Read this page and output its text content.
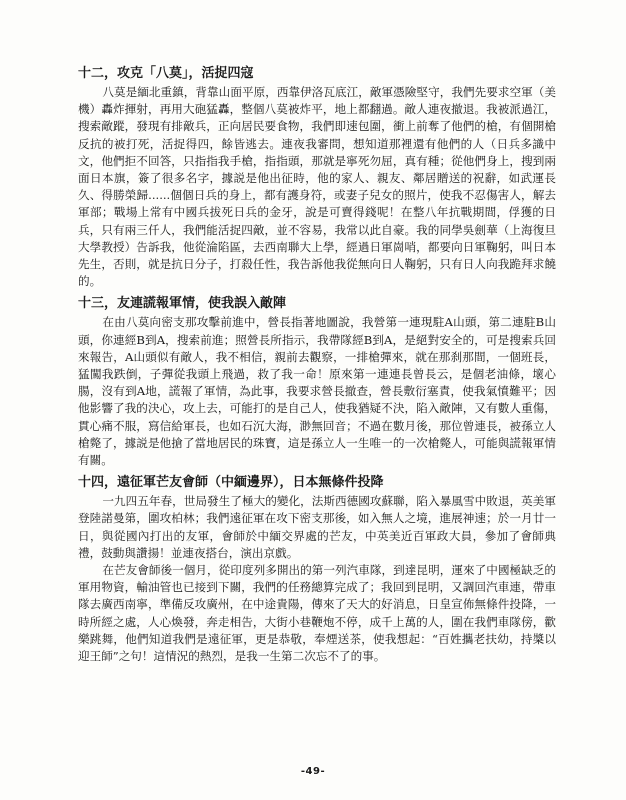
十二，攻克「八莫」，活捉四寇

八莫是緬北重鎮，背靠山面平原，西靠伊洛瓦底江，敵軍憑險堅守，我們先要求空軍（美機）轟炸揮射，再用大砲猛轟，整個八莫被炸平，地上都翻過。敵人連夜撤退。我被派過江，搜索敵蹤，發現有排敵兵，正向居民要食物，我們即速包圍，衝上前奪了他們的槍，有個開槍反抗的被打死，活捉得四，餘皆逃去。連夜我審問，想知道那裡還有他們的人（日兵多識中文，他們拒不回答，只指指我手槍，指指頭，那就是寧死勿屈，真有種；從他們身上，搜到兩面日本旗，簽了很多名字，據説是他出征時，他的家人、親友、鄰居贈送的祝辭，如武運長久、得勝榮歸......個個日兵的身上，都有護身符，或妻子兒女的照片，使我不忍傷害人，解去軍部；戰場上常有中國兵拔死日兵的金牙，說是可賣得錢呢！在整八年抗戰期間，俘獲的日兵，只有兩三仟人，我們能活捉四敵，並不容易，我常以此自豪。我的同學吳劍華（上海復旦大學教授）告訴我，他從淪陷區，去西南聯大上學，經過日軍崗哨，都要向日軍鞠躬，叫日本先生，否則，就是抗日分子，打殺任性，我告訴他我從無向日人鞠躬，只有日人向我跪拜求饒的。

十三，友連謊報軍情，使我誤入敵陣

在由八莫向密支那攻擊前進中，營長指著地圖說，我營第一連現駐A山頭，第二連駐B山頭，你連經B到A，搜索前進；照營長所指示，我帶隊經B到A，是絕對安全的，可是搜索兵回來報告，A山頭似有敵人，我不相信，親前去觀察，一排槍彈來，就在那刹那間，一個班長，猛闖我跌倒，子彈從我頭上飛過，救了我一命！原來第一連連長曾長云，是個老油條，壞心腸，沒有到A地，謊報了軍情，為此事，我要求營長撤查，營長敷衍塞責，使我氣憤難平；因他影響了我的決心，攻上去，可能打的是自己人，使我猶疑不決，陷入敵陣，又有數人重傷，貫心痛不服，寫信給軍長，也如石沉大海，渺無回音；不過在數月後，那位曾連長，被孫立人槍斃了，據説是他搶了當地居民的珠寶，這是孫立人一生唯一的一次槍斃人，可能與謊報軍情有關。

十四，遠征軍芒友會師（中緬邊界），日本無條件投降

一九四五年春，世局發生了極大的變化，法斯西德國攻蘇聯，陷入暴風雪中敗退，英美軍登陸諾曼第，圍攻柏林；我們遠征軍在攻下密支那後，如入無人之境，進展神速；於一月廿一日，與從國內打出的友軍，會師於中緬交界處的芒友，中英美近百軍政大員，參加了會師典禮，鼓動與讚揚！並連夜搭台，演出京戲。

在芒友會師後一個月，從印度列多開出的第一列汽車隊，到達昆明，運來了中國極缺乏的軍用物資，輸油管也已接到下關，我們的任務總算完成了；我回到昆明，又調回汽車連，帶車隊去廣西南寧，準備反攻廣州，在中途貴陽，傳來了天大的好消息，日皇宣佈無條件投降，一時所經之處，人心煥發，奔走相告，大街小巷鞭炮不停，成千上萬的人，圍在我們車隊傍，歡樂跳舞，他們知道我們是遠征軍，更是恭敬，奉煙送茶，使我想起：“百姓攜老扶幼，持槳以迎王師”之句！這情況的熱烈，是我一生第二次忘不了的事。

-49-
